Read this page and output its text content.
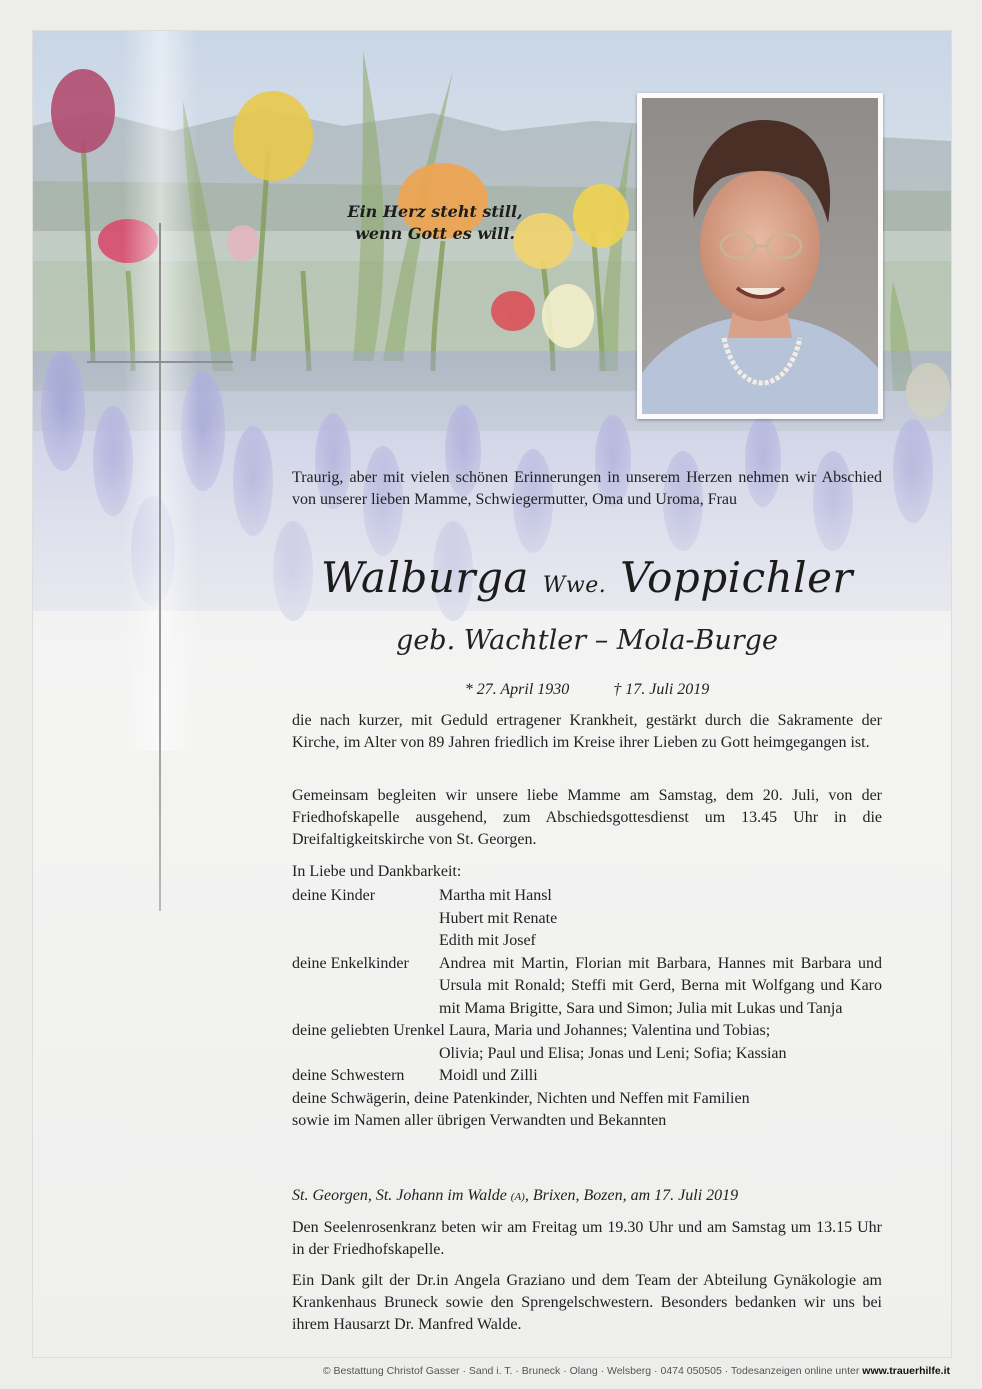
Ein Herz steht still,
wenn Gott es will.
Traurig, aber mit vielen schönen Erinnerungen in unserem Herzen nehmen wir Abschied von unserer lieben Mamme, Schwiegermutter, Oma und Uroma, Frau
Walburga Wwe. Voppichler
geb. Wachtler – Mola-Burge
* 27. April 1930	† 17. Juli 2019
die nach kurzer, mit Geduld ertragener Krankheit, gestärkt durch die Sakramente der Kirche, im Alter von 89 Jahren friedlich im Kreise ihrer Lieben zu Gott heimgegangen ist.
Gemeinsam begleiten wir unsere liebe Mamme am Samstag, dem 20. Juli, von der Friedhofskapelle ausgehend, zum Abschiedsgottesdienst um 13.45 Uhr in die Dreifaltigkeitskirche von St. Georgen.
In Liebe und Dankbarkeit:
deine Kinder	Martha mit Hansl
Hubert mit Renate
Edith mit Josef
deine Enkelkinder	Andrea mit Martin, Florian mit Barbara, Hannes mit Barbara und Ursula mit Ronald; Steffi mit Gerd, Berna mit Wolfgang und Karo mit Mama Brigitte, Sara und Simon; Julia mit Lukas und Tanja
deine geliebten Urenkel Laura, Maria und Johannes; Valentina und Tobias;
Olivia; Paul und Elisa; Jonas und Leni; Sofia; Kassian
deine Schwestern	Moidl und Zilli
deine Schwägerin, deine Patenkinder, Nichten und Neffen mit Familien
sowie im Namen aller übrigen Verwandten und Bekannten
St. Georgen, St. Johann im Walde (A), Brixen, Bozen, am 17. Juli 2019
Den Seelenrosenkranz beten wir am Freitag um 19.30 Uhr und am Samstag um 13.15 Uhr in der Friedhofskapelle.
Ein Dank gilt der Dr.in Angela Graziano und dem Team der Abteilung Gynäkologie am Krankenhaus Bruneck sowie den Sprengelschwestern. Besonders bedanken wir uns bei ihrem Hausarzt Dr. Manfred Walde.
© Bestattung Christof Gasser · Sand i. T. · Bruneck · Olang · Welsberg · 0474 050505 · Todesanzeigen online unter www.trauerhilfe.it
